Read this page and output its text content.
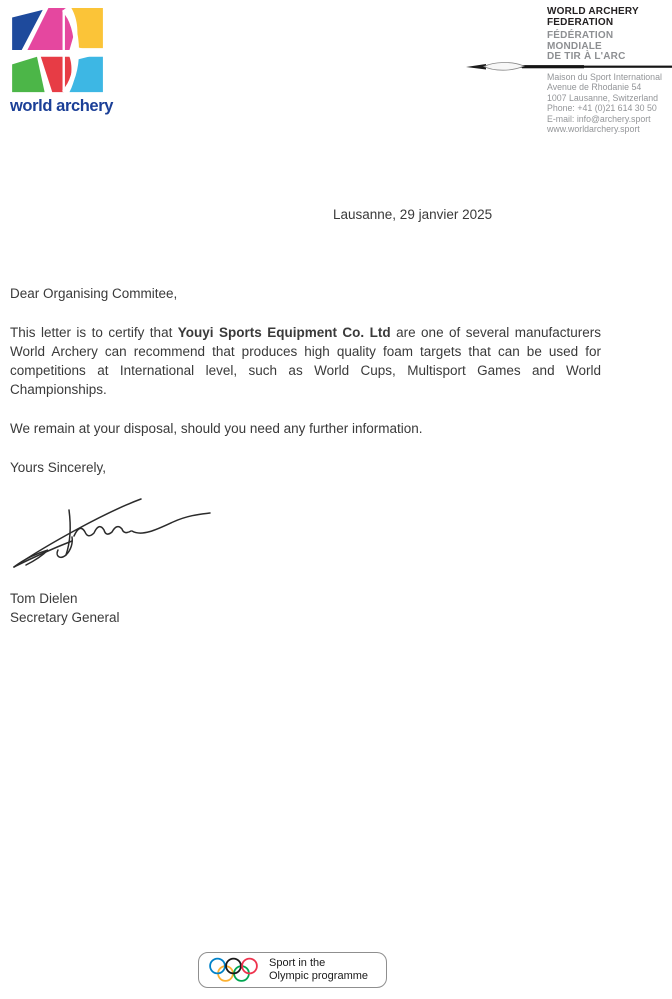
world archery
WORLD ARCHERY
FEDERATION
FÉDÉRATION
MONDIALE
DE TIR À L'ARC
Maison du Sport International
Avenue de Rhodanie 54
1007 Lausanne, Switzerland
Phone: +41 (0)21 614 30 50
E-mail: info@archery.sport
www.worldarchery.sport
Lausanne, 29 janvier 2025

Dear Organising Commitee,

This letter is to certify that Youyi Sports Equipment Co. Ltd are one of several manufacturers World Archery can recommend that produces high quality foam targets that can be used for competitions at International level, such as World Cups, Multisport Games and World Championships.

We remain at your disposal, should you need any further information.

Yours Sincerely,

Tom Dielen
Secretary General
Sport in the
Olympic programme
